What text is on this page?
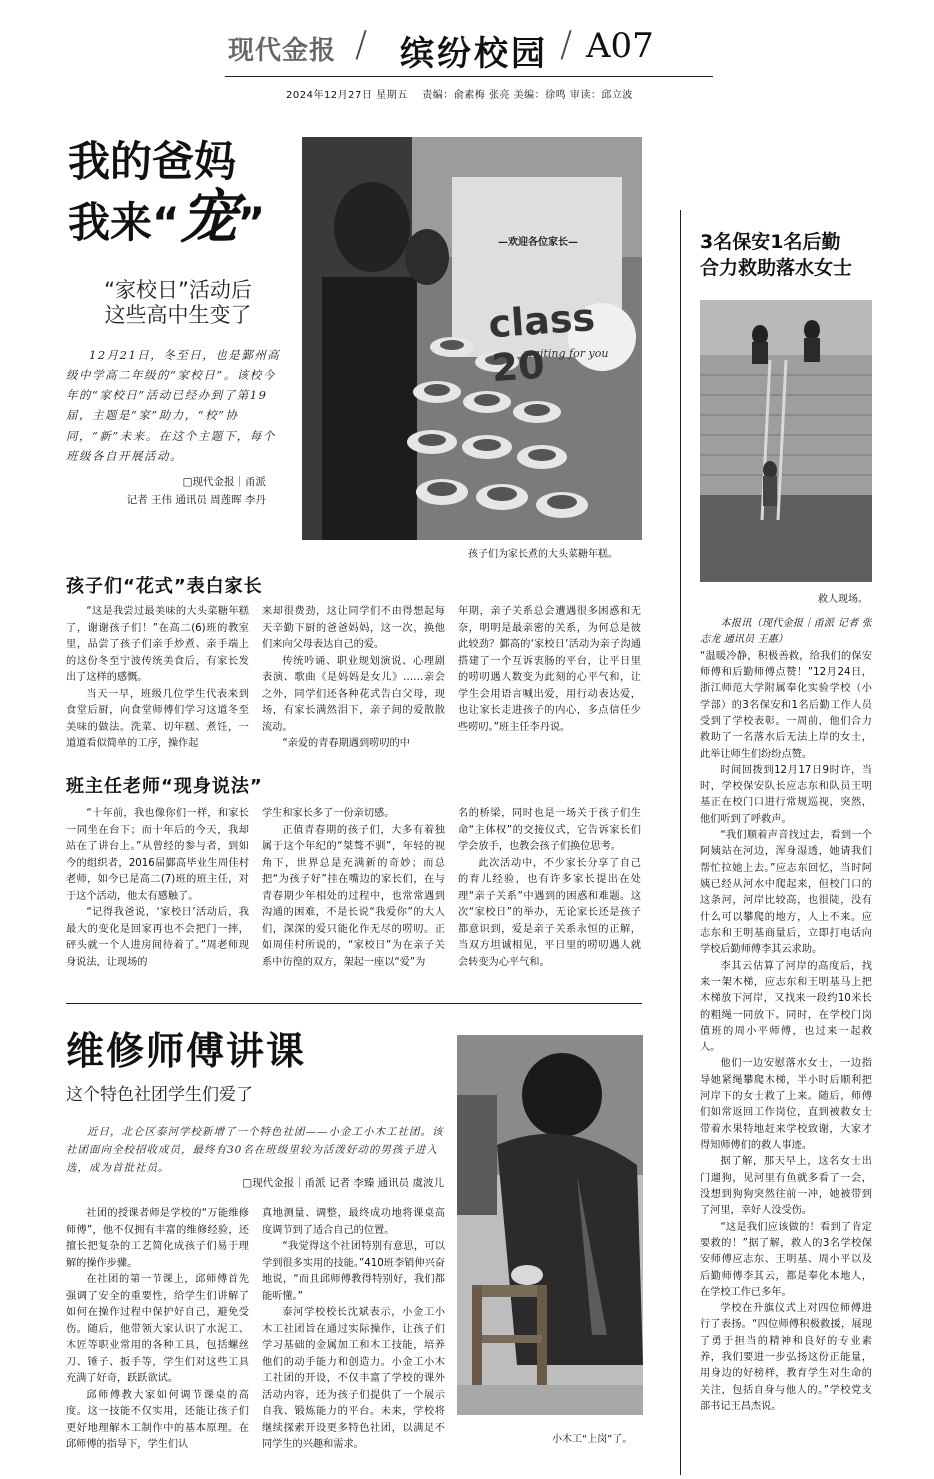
现代金报 / 缤纷校园 / A07
2024年12月27日 星期五 责编：俞素梅 张亮 美编：徐鸣 审读：邱立波
我的爸妈
我来“宠”
“家校日”活动后
这些高中生变了
12月21日，冬至日，也是鄞州高级中学高二年级的“家校日”。该校今年的“家校日”活动已经办到了第19届，主题是“家”助力，“校”协同，“新”未来。在这个主题下，每个班级各自开展活动。
□现代金报｜甬派
记者 王伟 通讯员 周莲晖 李丹
—欢迎各位家长—
class 20
waiting for you
孩子们为家长煮的大头菜糖年糕。
孩子们“花式”表白家长

“这是我尝过最美味的大头菜糖年糕了，谢谢孩子们！”在高二(6)班的教室里，品尝了孩子们亲手炒煮、亲手端上的这份冬至宁波传统美食后，有家长发出了这样的感慨。

当天一早，班级几位学生代表来到食堂后厨，向食堂师傅们学习这道冬至美味的做法。洗菜、切年糕、煮饪，一道道看似简单的工序，操作起

来却很费劲，这让同学们不由得想起每天辛勤下厨的爸爸妈妈，这一次，换他们来向父母表达自己的爱。

传统吟诵、职业规划演说、心理剧表演、歌曲《是妈妈是女儿》……亲会之外，同学们还各种花式告白父母，现场，有家长满然泪下，亲子间的爱散散流动。

“亲爱的青春期遇到唠叨的中

年期，亲子关系总会遭遇很多困惑和无奈，明明是最亲密的关系，为何总是彼此较劲？鄞高的‘家校日’活动为亲子沟通搭建了一个互诉衷肠的平台，让平日里的唠叨遇人数变为此刻的心平气和，让学生会用语言喊出爱，用行动表达爱，也让家长走进孩子的内心，多点信任少些唠叨。”班主任李丹说。

班主任老师“现身说法”

“十年前，我也像你们一样，和家长一同坐在台下；而十年后的今天，我却站在了讲台上。”从曾经的参与者，到如今的组织者，2016届鄞高毕业生周佳村老师，如今已是高二(7)班的班主任，对于这个活动，他太有感触了。

“记得我爸说，‘家校日’活动后，我最大的变化是回家再也不会把门一摔，砰头就一个人进房间待着了。”周老师现身说法，让现场的

学生和家长多了一份亲切感。

正值青春期的孩子们，大多有着独属于这个年纪的“桀骜不驯”，年轻的视角下，世界总是充满新的奇妙；而总把“为孩子好”挂在嘴边的家长们，在与青春期少年相处的过程中，也常常遇到沟通的困难，不是长说“我爱你”的大人们，深深的爱只能化作无尽的唠叨。正如周佳村所说的，“家校日”为在亲子关系中彷徨的双方，架起一座以“爱”为

名的桥梁，同时也是一场关于孩子们生命“主体权”的交接仪式，它告诉家长们学会放手，也教会孩子们换位思考。

此次活动中，不少家长分享了自己的育儿经验，也有许多家长提出在处理“亲子关系”中遇到的困惑和难题。这次“家校日”的举办，无论家长还是孩子都意识到，爱是亲子关系永恒的正解，当双方坦诚相见，平日里的唠叨遇人就会转变为心平气和。

维修师傅讲课
这个特色社团学生们爱了
近日，北仑区泰河学校新增了一个特色社团——小金工小木工社团。该社团面向全校招收成员，最终有30名在班级里较为活泼好动的男孩子进入选，成为首批社员。
□现代金报｜甬派 记者 李臻 通讯员 虞波儿

社团的授课者师是学校的“万能维修师傅”，他不仅拥有丰富的维修经验，还擅长把复杂的工艺简化成孩子们易于理解的操作步骤。

在社团的第一节课上，邱师傅首先强调了安全的重要性，给学生们讲解了如何在操作过程中保护好自己，避免受伤。随后，他带领大家认识了水泥工、木匠等职业常用的各种工具，包括螺丝刀、锤子、扳手等，学生们对这些工具充满了好奇，跃跃欲试。

邱师傅教大家如何调节课桌的高度。这一技能不仅实用，还能让孩子们更好地理解木工制作中的基本原理。在邱师傅的指导下，学生们认

真地测量、调整，最终成功地将课桌高度调节到了适合自己的位置。

“我觉得这个社团特别有意思，可以学到很多实用的技能。”410班李销伸兴奋地说，“而且邱师傅教得特别好，我们都能听懂。”

泰河学校校长沈斌表示，小金工小木工社团旨在通过实际操作，让孩子们学习基础的金属加工和木工技能，培养他们的动手能力和创造力。小金工小木工社团的开设，不仅丰富了学校的课外活动内容，还为孩子们提供了一个展示自我、锻炼能力的平台。未来，学校将继续探索开设更多特色社团，以满足不同学生的兴趣和需求。	小木工“上岗”了。
3名保安1名后勤
合力救助落水女士
救人现场。

本报讯（现代金报｜甬派 记者 张志龙 通讯员 王惠）

“温暖冷静，积极善救，给我们的保安师傅和后勤师傅点赞！”12月24日，浙江师范大学附属奉化实验学校（小学部）的3名保安和1名后勤工作人员受到了学校表彰。一周前，他们合力救助了一名落水后无法上岸的女士，此举让师生们纷纷点赞。

时间回拨到12月17日9时许，当时，学校保安队长应志东和队员王明基正在校门口进行常规巡视，突然，他们听到了呼救声。

“我们顺着声音找过去，看到一个阿姨站在河边，浑身湿透，她请我们帮忙拉她上去。”应志东回忆，当时阿姨已经从河水中爬起来，但校门口的这条河，河岸比较高，也很陡，没有什么可以攀爬的地方，人上不来。应志东和王明基商量后，立即打电话向学校后勤师傅李其云求助。

李其云估算了河岸的高度后，找来一架木梯，应志东和王明基马上把木梯放下河岸，又找来一段约10米长的粗绳一同放下。同时，在学校门岗值班的周小平师傅，也过来一起救人。

他们一边安慰落水女士，一边指导她紧绳攀爬木梯，半小时后顺利把河岸下的女士救了上来。随后，师傅们如常返回工作岗位，直到被救女士带着水果特地赶来学校致谢，大家才得知师傅们的救人事迹。

据了解，那天早上，这名女士出门遛狗，见河里有鱼就多看了一会，没想到狗狗突然往前一冲，她被带到了河里，幸好人没受伤。

“这是我们应该做的！看到了肯定要救的！”据了解，救人的3名学校保安师傅应志东、王明基、周小平以及后勤师傅李其云，都是奉化本地人，在学校工作已多年。

学校在升旗仪式上对四位师傅进行了表扬。“四位师傅积极救援，展现了勇于担当的精神和良好的专业素养，我们要进一步弘扬这份正能量，用身边的好榜样，教育学生对生命的关注，包括自身与他人的。”学校党支部书记王昌杰说。
